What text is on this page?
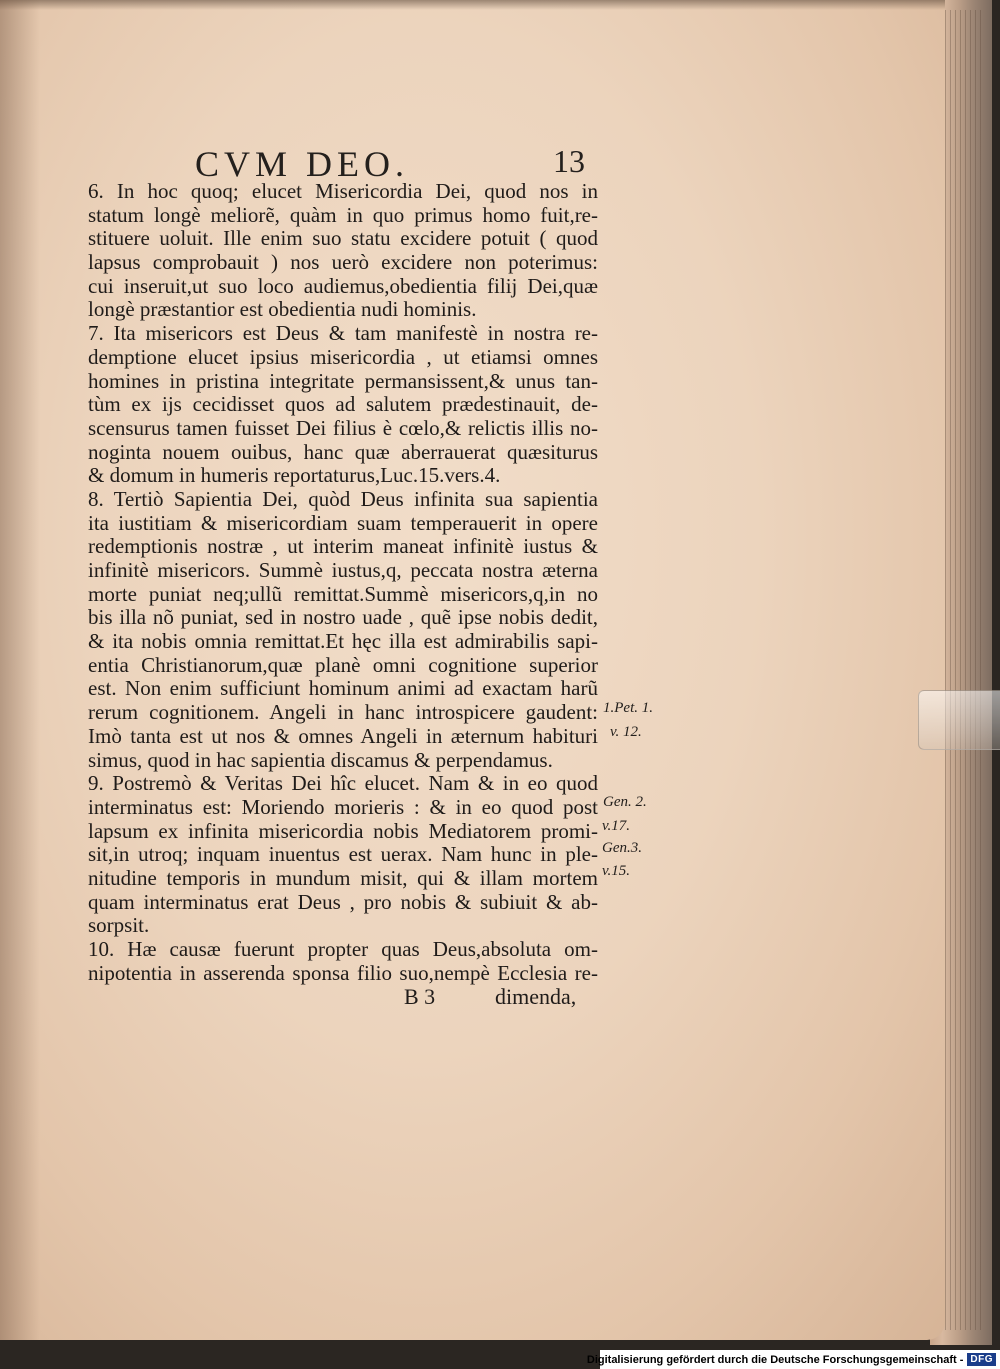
CVM DEO.	13
6. In hoc quoq; elucet Misericordia Dei, quod nos in
statum longè meliorẽ, quàm in quo primus homo fuit,re-
stituere uoluit. Ille enim suo statu excidere potuit ( quod
lapsus comprobauit ) nos uerò excidere non poterimus:
cui inseruit,ut suo loco audiemus,obedientia filij Dei,quæ
longè præstantior est obedientia nudi hominis.
7. Ita misericors est Deus & tam manifestè in nostra re-
demptione elucet ipsius misericordia , ut etiamsi omnes
homines in pristina integritate permansissent,& unus tan-
tùm ex ijs cecidisset quos ad salutem prædestinauit, de-
scensurus tamen fuisset Dei filius è cœlo,& relictis illis no-
noginta nouem ouibus, hanc quæ aberrauerat quæsiturus
& domum in humeris reportaturus,Luc.15.vers.4.
8. Tertiò Sapientia Dei, quòd Deus infinita sua sapientia
ita iustitiam & misericordiam suam temperauerit in opere
redemptionis nostræ , ut interim maneat infinitè iustus &
infinitè misericors. Summè iustus,q, peccata nostra æterna
morte puniat neq;ullũ remittat.Summè misericors,q,in no
bis illa nõ puniat, sed in nostro uade , quẽ ipse nobis dedit,
& ita nobis omnia remittat.Et hęc illa est admirabilis sapi-
entia Christianorum,quæ planè omni cognitione superior
est. Non enim sufficiunt hominum animi ad exactam harũ
rerum cognitionem. Angeli in hanc introspicere gaudent:
Imò tanta est ut nos & omnes Angeli in æternum habituri
simus, quod in hac sapientia discamus & perpendamus.
9. Postremò & Veritas Dei hîc elucet. Nam & in eo quod
interminatus est: Moriendo morieris : & in eo quod post
lapsum ex infinita misericordia nobis Mediatorem promi-
sit,in utroq; inquam inuentus est uerax. Nam hunc in ple-
nitudine temporis in mundum misit, qui & illam mortem
quam interminatus erat Deus , pro nobis & subiuit & ab-
sorpsit.
10. Hæ causæ fuerunt propter quas Deus,absoluta om-
nipotentia in asserenda sponsa filio suo,nempè Ecclesia re-
1.Pet. 1.
v. 12.
Gen. 2.
v.17.
Gen.3.
v.15.
B 3	dimenda,
Digitalisierung gefördert durch die Deutsche Forschungsgemeinschaft - DFG
